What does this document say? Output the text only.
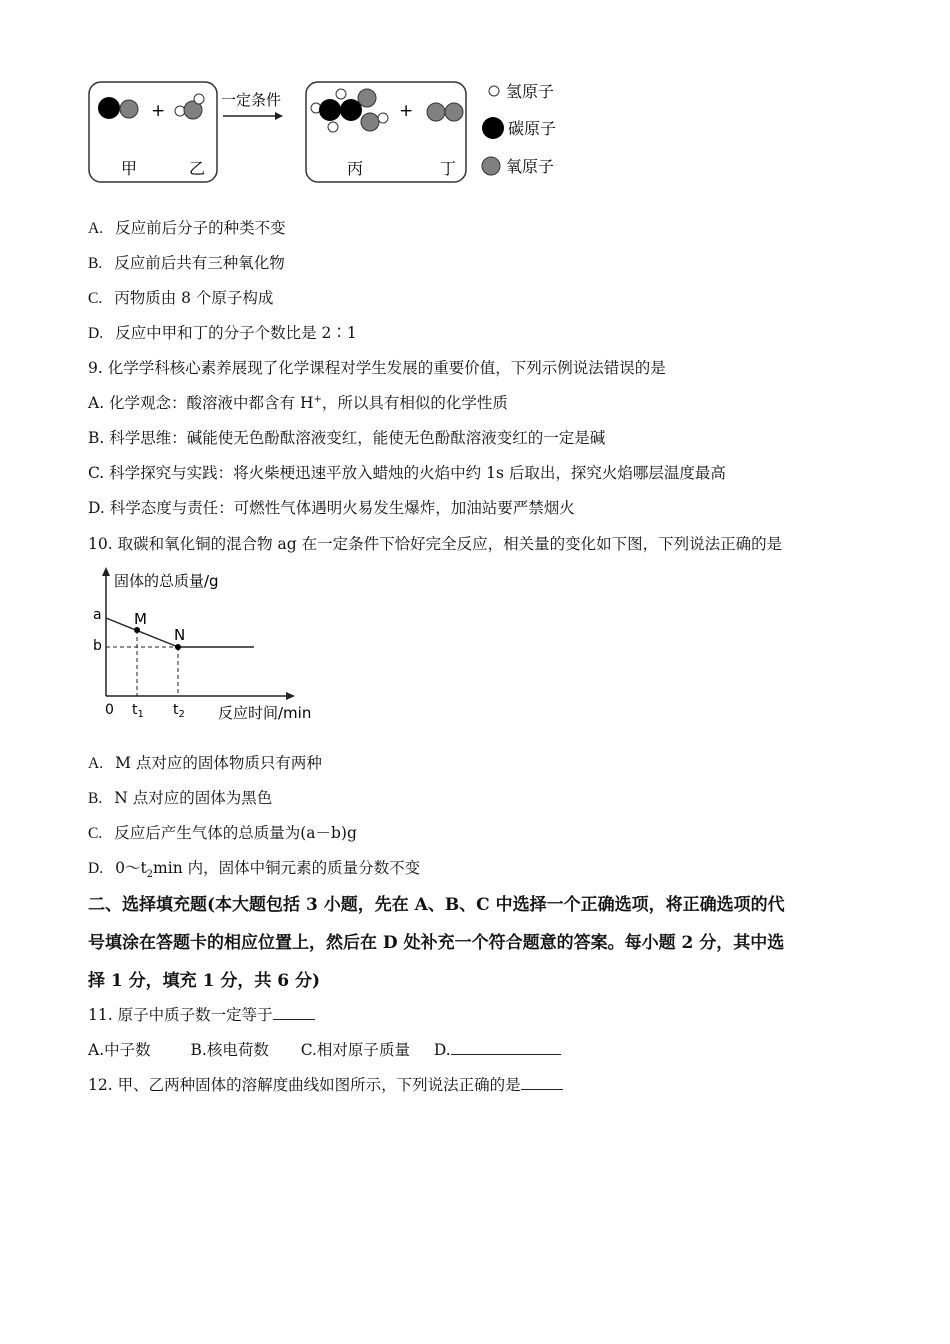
+
甲	乙
一定条件
+
丙	丁
氢原子
碳原子
氧原子
A. 反应前后分子的种类不变
B. 反应前后共有三种氧化物
C. 丙物质由 8 个原子构成
D. 反应中甲和丁的分子个数比是 2∶1
9. 化学学科核心素养展现了化学课程对学生发展的重要价值，下列示例说法错误的是
A. 化学观念：酸溶液中都含有 H+，所以具有相似的化学性质
B. 科学思维：碱能使无色酚酞溶液变红，能使无色酚酞溶液变红的一定是碱
C. 科学探究与实践：将火柴梗迅速平放入蜡烛的火焰中约 1s 后取出，探究火焰哪层温度最高
D. 科学态度与责任：可燃性气体遇明火易发生爆炸，加油站要严禁烟火
10. 取碳和氧化铜的混合物 ag 在一定条件下恰好完全反应，相关量的变化如下图，下列说法正确的是
固体的总质量/g
反应时间/min
0
a
b
M
N
$t_1$ $t_2$
A. M 点对应的固体物质只有两种
B. N 点对应的固体为黑色
C. 反应后产生气体的总质量为(a－b)g
D. $0\sim t_2\min$ 内，固体中铜元素的质量分数不变
二、选择填充题(本大题包括 3 小题，先在 A、B、C 中选择一个正确选项，将正确选项的代
号填涂在答题卡的相应位置上，然后在 D 处补充一个符合题意的答案。每小题 2 分，其中选
择 1 分，填充 1 分，共 6 分)
11. 原子中质子数一定等于
A.中子数	B.核电荷数 C.相对原子质量 D.
12. 甲、乙两种固体的溶解度曲线如图所示，下列说法正确的是
